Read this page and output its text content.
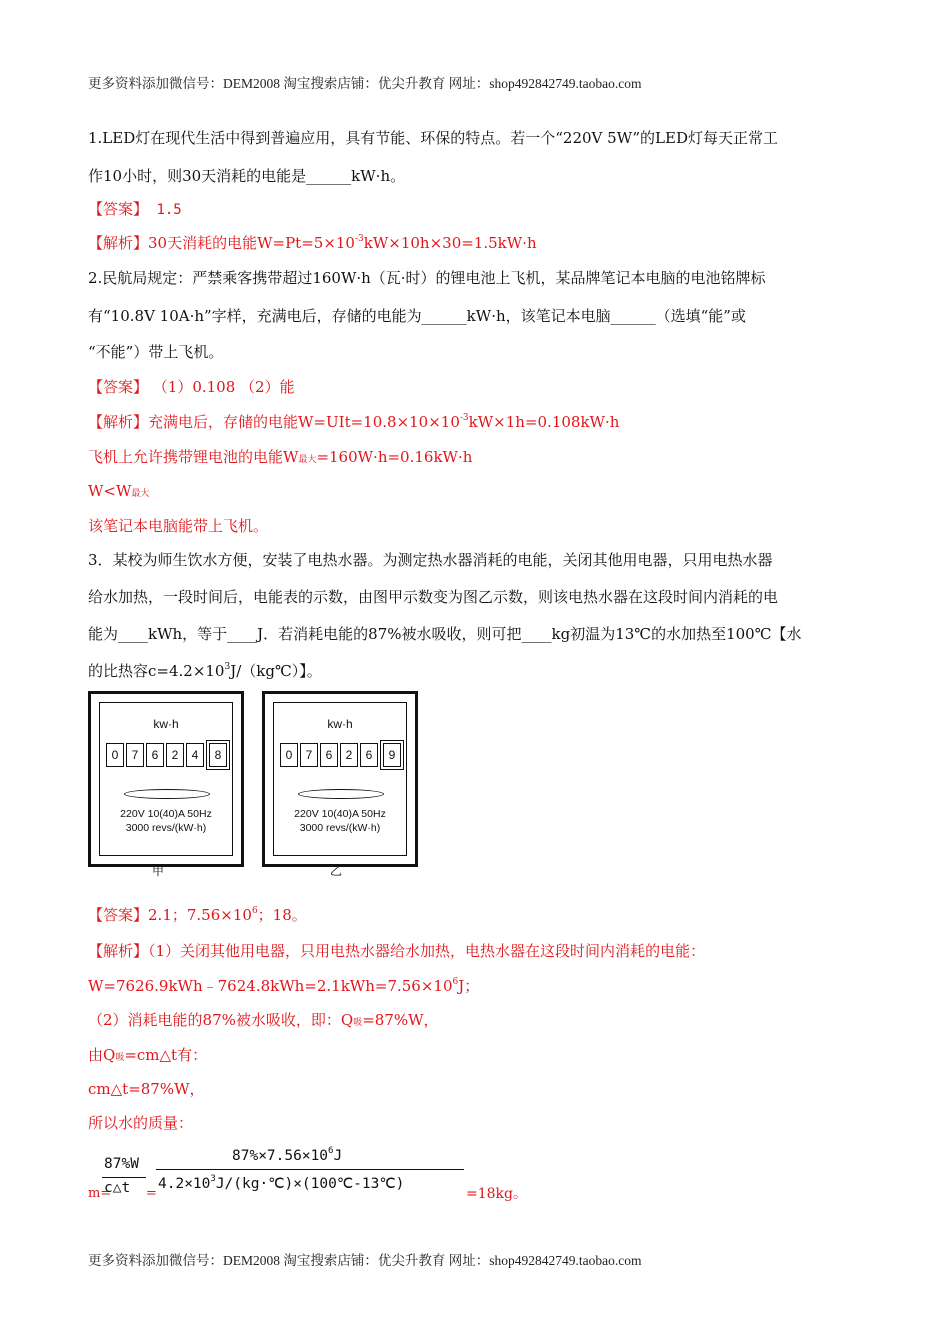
更多资料添加微信号：DEM2008 淘宝搜索店铺：优尖升教育 网址：shop492842749.taobao.com
1.LED灯在现代生活中得到普遍应用，具有节能、环保的特点。若一个“220V 5W”的LED灯每天正常工
作10小时，则30天消耗的电能是______kW·h。
【答案】 1.5
【解析】30天消耗的电能$W=Pt=5\times 10^{-3}kW\times 10h\times 30=1.5kW\cdot h$
2.民航局规定：严禁乘客携带超过160W·h（瓦·时）的锂电池上飞机，某品牌笔记本电脑的电池铭牌标
有“10.8V 10A·h”字样，充满电后，存储的电能为______kW·h，该笔记本电脑______（选填“能”或
“不能”）带上飞机。
【答案】 （1）0.108 （2）能
【解析】充满电后，存储的电能$W=UIt=10.8\times 10\times 10^{-3}kW\times 1h=0.108kW\cdot h$
飞机上允许携带锂电池的电能W最大=160W·h=0.16kW·h
W<W最大
该笔记本电脑能带上飞机。
3．某校为师生饮水方便，安装了电热水器。为测定热水器消耗的电能，关闭其他用电器，只用电热水器
给水加热，一段时间后，电能表的示数，由图甲示数变为图乙示数，则该电热水器在这段时间内消耗的电
能为____kWh，等于____J．若消耗电能的87%被水吸收，则可把____kg初温为13℃的水加热至100℃【水
的比热容$c=4.2\times 10^3J/(kg℃)$】。
kw·h
0	7	6	2	4	8
220V 10(40)A 50Hz
3000 revs/(kW·h)
甲
kw·h
0	7	6	2	6	9
220V 10(40)A 50Hz
3000 revs/(kW·h)
乙
【答案】2.1；$7.56\times 10^6$；18。
【解析】（1）关闭其他用电器，只用电热水器给水加热，电热水器在这段时间内消耗的电能：
$W=7626.9kWh﹣7624.8kWh=2.1kWh=7.56\times 10^6J$；
（2）消耗电能的87%被水吸收，即：Q吸=87%W，
由Q吸=cm△t有：
cm△t=87%W，
所以水的质量：
m=
87%W
c△t =
$87\%\times 7.56\times 10^6J$
$4.2\times 10^3J/(kg\cdot℃)\times(100℃-13℃)$
=18kg。
更多资料添加微信号：DEM2008 淘宝搜索店铺：优尖升教育 网址：shop492842749.taobao.com
